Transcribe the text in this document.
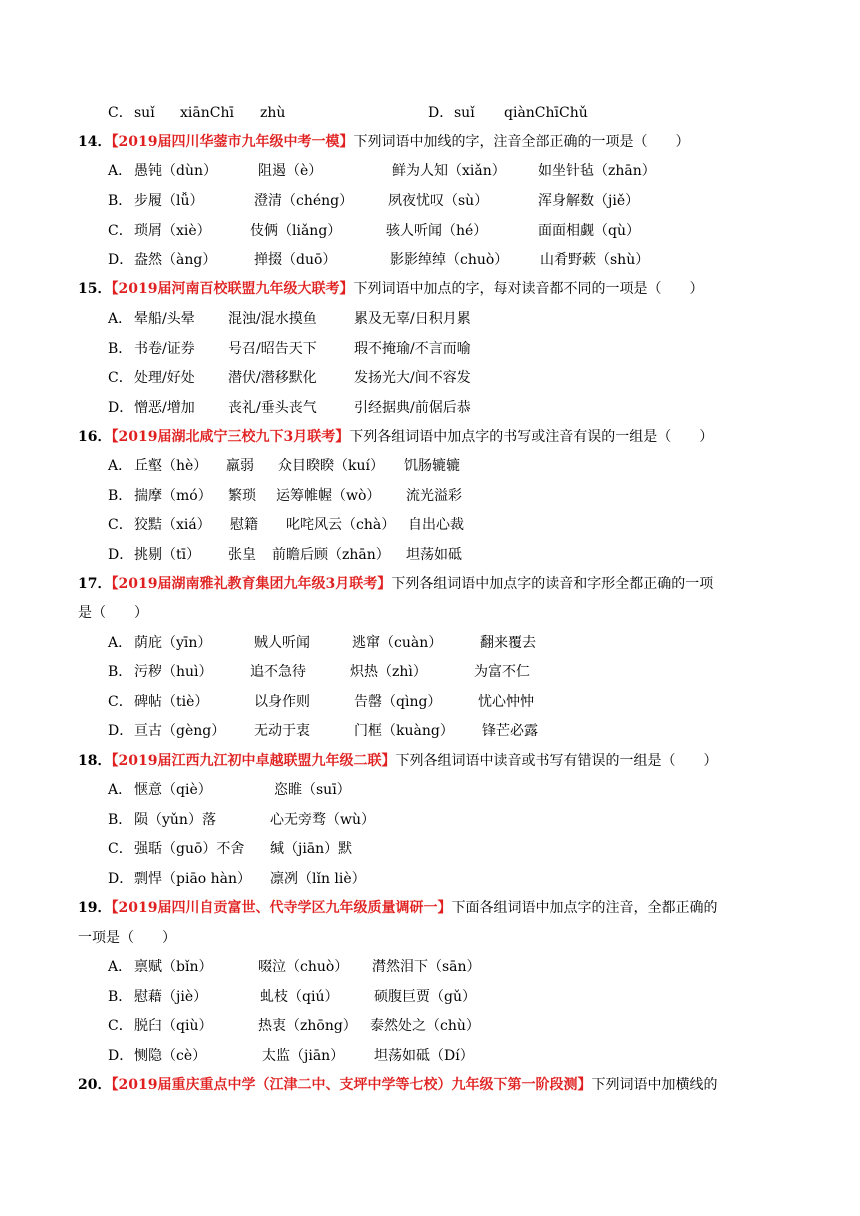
C． suǐ xiānChī zhù	D． suǐ qiànChīChǔ
14．【2019届四川华蓥市九年级中考一模】下列词语中加线的字，注音全部正确的一项是（　　）
A． 愚钝（dùn）	阻遏（è）	鲜为人知（xiǎn） 如坐针毡（zhān）
B． 步履（lǚ）	澄清（chéng） 夙夜忧叹（sù）	浑身解数（jiě）
C． 琐屑（xiè）	伎俩（liǎng）	骇人听闻（hé）	面面相觑（qù）
D． 盎然（àng）	掸掇（duō）	影影绰绰（chuò） 山肴野蔌（shù）
15．【2019届河南百校联盟九年级大联考】下列词语中加点的字，每对读音都不同的一项是（　　）
A． 晕船/头晕 混浊/混水摸鱼	累及无辜/日积月累
B． 书卷/证券 号召/昭告天下	瑕不掩瑜/不言而喻
C． 处理/好处 潜伏/潜移默化	发扬光大/间不容发
D． 憎恶/增加 丧礼/垂头丧气	引经据典/前倨后恭
16．【2019届湖北咸宁三校九下3月联考】下列各组词语中加点字的书写或注音有误的一组是（　　）
A． 丘壑（hè） 羸弱 众目睽睽（kuí） 饥肠辘辘
B． 揣摩（mó） 繁琐 运筹帷幄（wò） 流光溢彩
C． 狡黠（xiá） 慰籍 叱咤风云（chà） 自出心裁
D． 挑剔（tī） 张皇 前瞻后顾（zhān） 坦荡如砥
17．【2019届湖南雅礼教育集团九年级3月联考】下列各组词语中加点字的读音和字形全都正确的一项
是（　　）
A． 荫庇（yīn）	贼人听闻	逃窜（cuàn）	翻来覆去
B． 污秽（huì）	追不急待	炽热（zhì）	为富不仁
C． 碑帖（tiè）	以身作则	告罄（qìng）	忧心忡忡
D． 亘古（gèng） 无动于衷	门框（kuàng） 锋芒必露
18．【2019届江西九江初中卓越联盟九年级二联】下列各组词语中读音或书写有错误的一组是（　　）
A． 惬意（qiè）	恣睢（suī）
B． 陨（yǔn）落	心无旁骛（wù）
C． 强聒（guō）不舍 缄（jiān）默
D． 剽悍（piāo hàn） 凛冽（lǐn liè）
19．【2019届四川自贡富世、代寺学区九年级质量调研一】下面各组词语中加点字的注音，全都正确的
一项是（　　）
A． 禀赋（bǐn）	啜泣（chuò） 潸然泪下（sān）
B． 慰藉（jiè）	虬枝（qiú）	硕腹巨贾（gǔ）
C． 脱臼（qiù）	热衷（zhōng） 泰然处之（chù）
D． 恻隐（cè）	太监（jiān） 坦荡如砥（Dí）
20．【2019届重庆重点中学（江津二中、支坪中学等七校）九年级下第一阶段测】下列词语中加横线的
